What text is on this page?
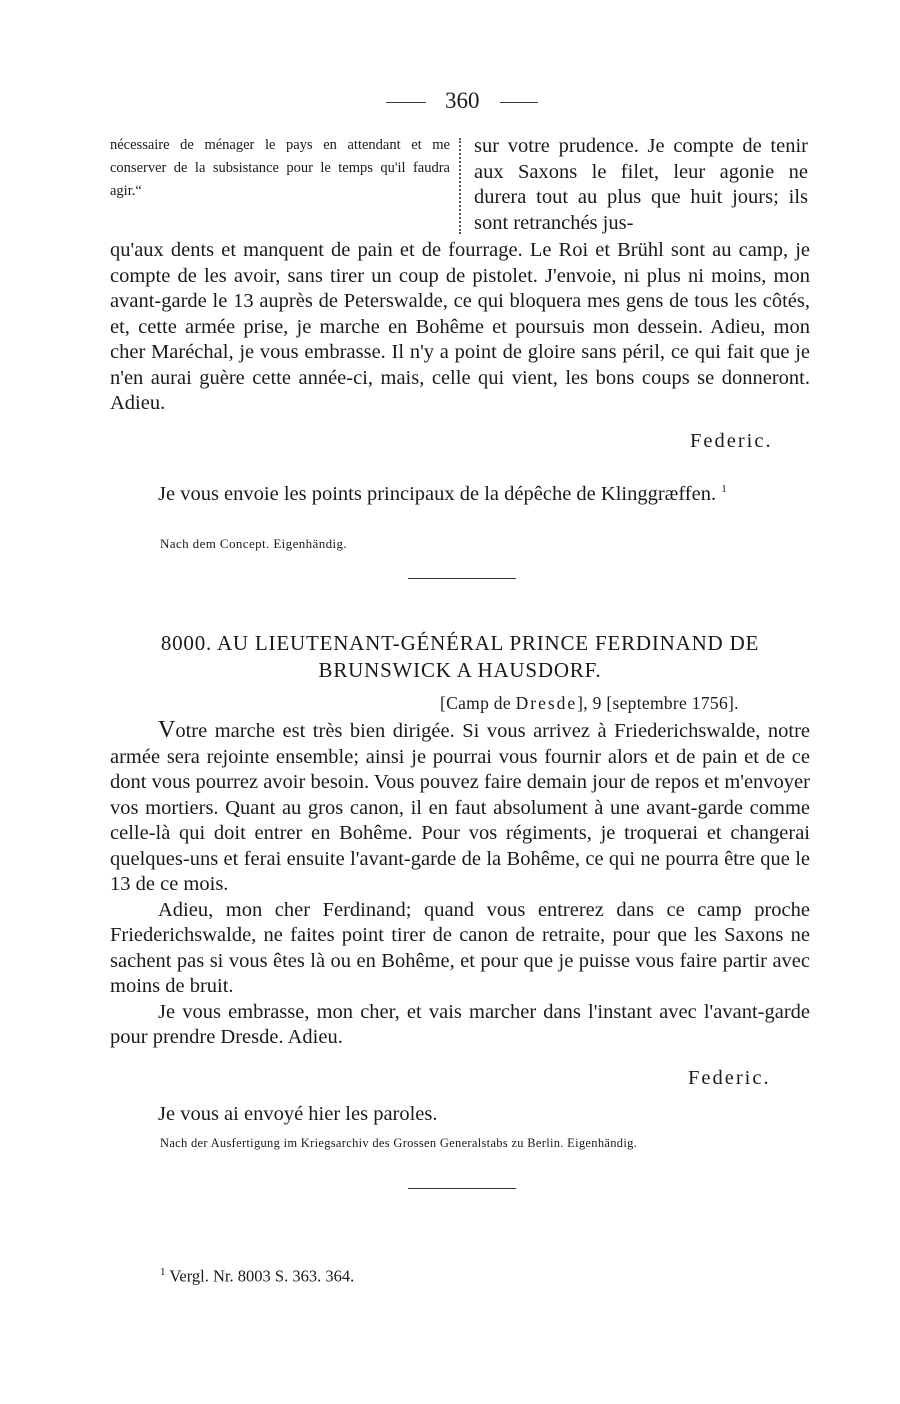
360
nécessaire de ménager le pays en attendant et me conserver de la subsistance pour le temps qu'il faudra agir.“
sur votre prudence. Je compte de tenir aux Saxons le filet, leur agonie ne durera tout au plus que huit jours; ils sont retranchés jus-
qu'aux dents et manquent de pain et de fourrage. Le Roi et Brühl sont au camp, je compte de les avoir, sans tirer un coup de pistolet. J'envoie, ni plus ni moins, mon avant-garde le 13 auprès de Peterswalde, ce qui bloquera mes gens de tous les côtés, et, cette armée prise, je marche en Bohême et poursuis mon dessein. Adieu, mon cher Maréchal, je vous embrasse. Il n'y a point de gloire sans péril, ce qui fait que je n'en aurai guère cette année-ci, mais, celle qui vient, les bons coups se donneront. Adieu.
Federic.
Je vous envoie les points principaux de la dépêche de Klinggræffen. $^1$
Nach dem Concept. Eigenhändig.
8000. AU LIEUTENANT-GÉNÉRAL PRINCE FERDINAND DE BRUNSWICK A HAUSDORF.
[Camp de Dresde], 9 [septembre 1756].

Votre marche est très bien dirigée. Si vous arrivez à Friederichswalde, notre armée sera rejointe ensemble; ainsi je pourrai vous fournir alors et de pain et de ce dont vous pourrez avoir besoin. Vous pouvez faire demain jour de repos et m'envoyer vos mortiers. Quant au gros canon, il en faut absolument à une avant-garde comme celle-là qui doit entrer en Bohême. Pour vos régiments, je troquerai et changerai quelques-uns et ferai ensuite l'avant-garde de la Bohême, ce qui ne pourra être que le 13 de ce mois.

Adieu, mon cher Ferdinand; quand vous entrerez dans ce camp proche Friederichswalde, ne faites point tirer de canon de retraite, pour que les Saxons ne sachent pas si vous êtes là ou en Bohême, et pour que je puisse vous faire partir avec moins de bruit.

Je vous embrasse, mon cher, et vais marcher dans l'instant avec l'avant-garde pour prendre Dresde. Adieu.

Federic.
Je vous ai envoyé hier les paroles.
Nach der Ausfertigung im Kriegsarchiv des Grossen Generalstabs zu Berlin. Eigenhändig.
$^1$ Vergl. Nr. 8003 S. 363. 364.
